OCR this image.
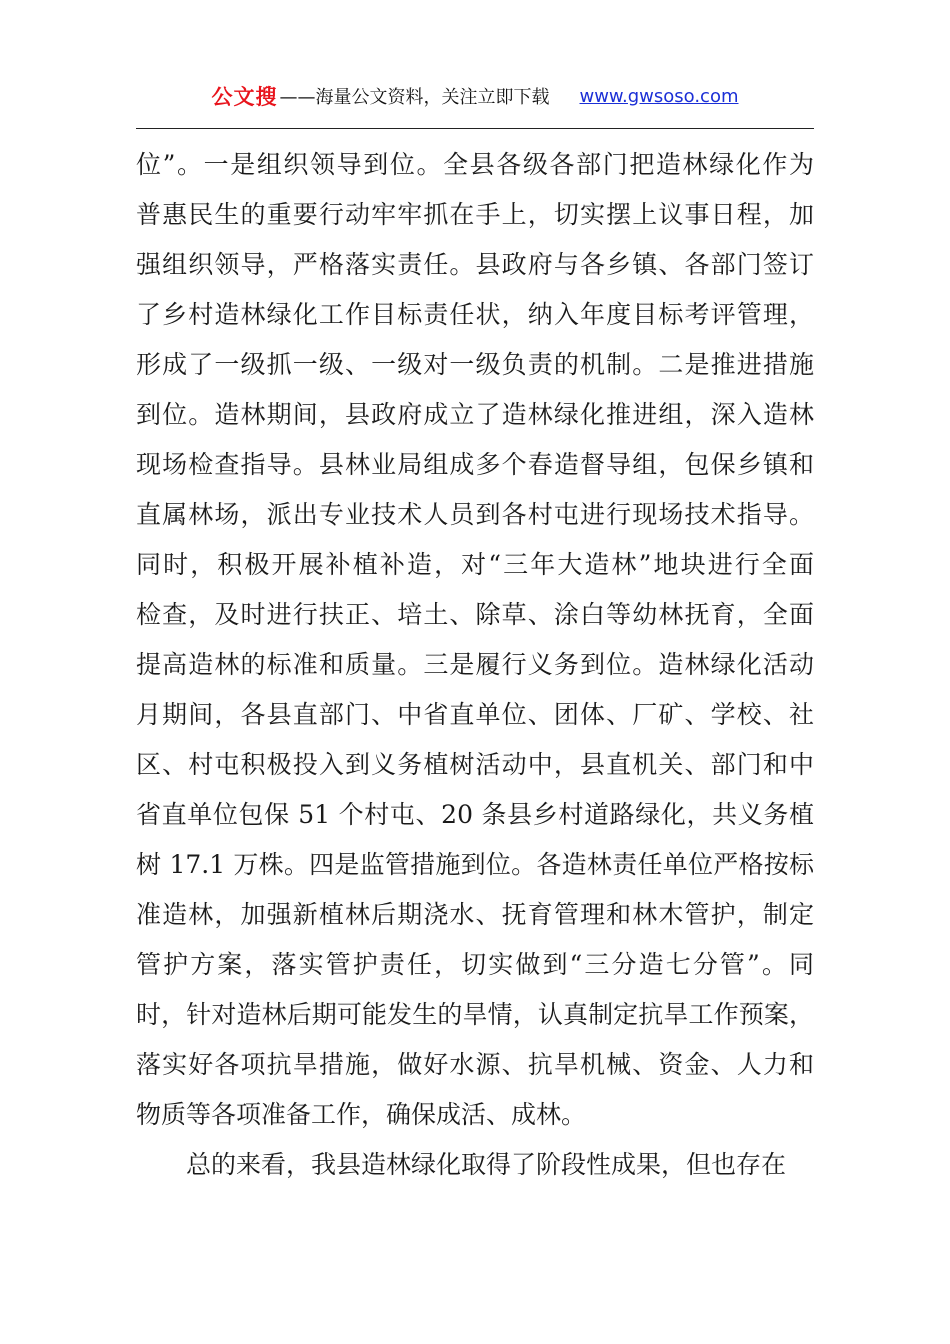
公文搜 ——海量公文资料，关注立即下载 www.gwsoso.com
位”。一是组织领导到位。全县各级各部门把造林绿化作为
普惠民生的重要行动牢牢抓在手上，切实摆上议事日程，加
强组织领导，严格落实责任。县政府与各乡镇、各部门签订
了乡村造林绿化工作目标责任状，纳入年度目标考评管理，
形成了一级抓一级、一级对一级负责的机制。二是推进措施
到位。造林期间，县政府成立了造林绿化推进组，深入造林
现场检查指导。县林业局组成多个春造督导组，包保乡镇和
直属林场，派出专业技术人员到各村屯进行现场技术指导。
同时，积极开展补植补造，对“三年大造林”地块进行全面
检查，及时进行扶正、培土、除草、涂白等幼林抚育，全面
提高造林的标准和质量。三是履行义务到位。造林绿化活动
月期间，各县直部门、中省直单位、团体、厂矿、学校、社
区、村屯积极投入到义务植树活动中，县直机关、部门和中
省直单位包保 51 个村屯、20 条县乡村道路绿化，共义务植
树 17.1 万株。四是监管措施到位。各造林责任单位严格按标
准造林，加强新植林后期浇水、抚育管理和林木管护，制定
管护方案，落实管护责任，切实做到“三分造七分管”。同
时，针对造林后期可能发生的旱情，认真制定抗旱工作预案，
落实好各项抗旱措施，做好水源、抗旱机械、资金、人力和
物质等各项准备工作，确保成活、成林。
总的来看，我县造林绿化取得了阶段性成果，但也存在
